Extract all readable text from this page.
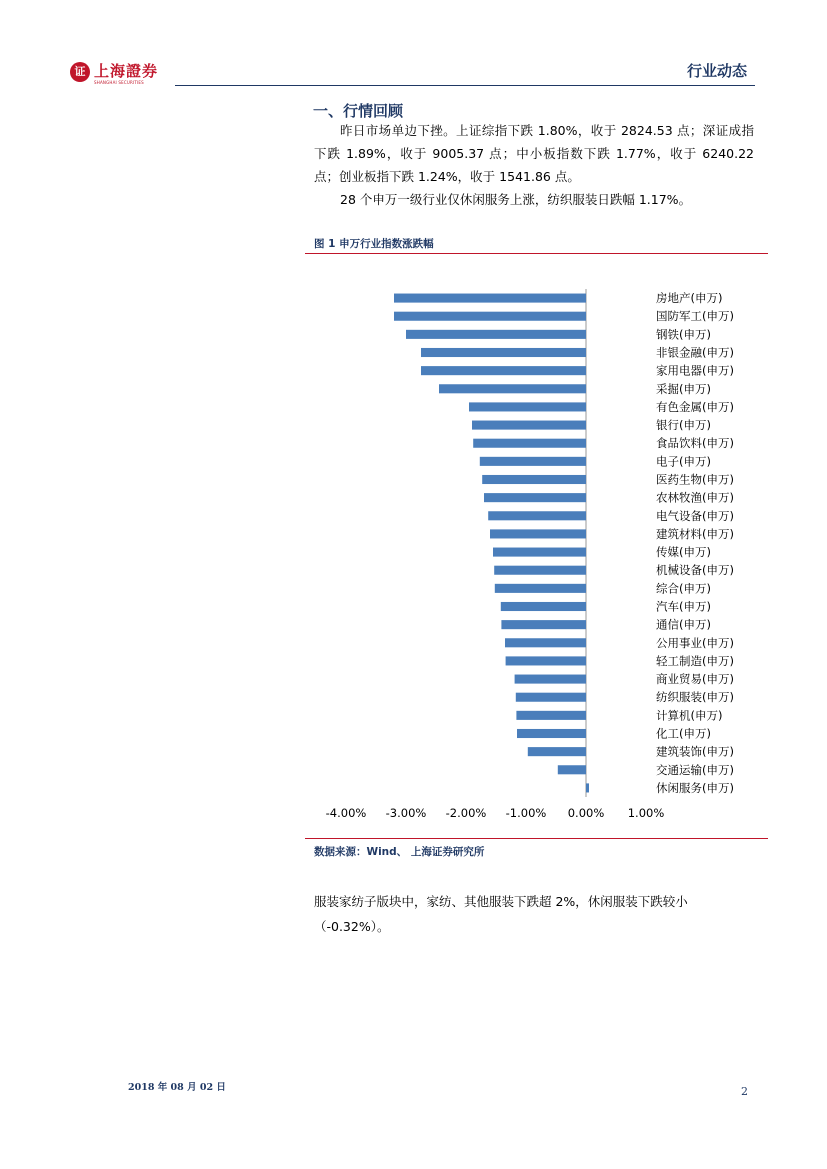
证 上海證券
SHANGHAI SECURITIES
行业动态
一、行情回顾
昨日市场单边下挫。上证综指下跌 1.80%，收于 2824.53 点；深证成指下跌 1.89%，收于 9005.37 点；中小板指数下跌 1.77%，收于 6240.22 点；创业板指下跌 1.24%，收于 1541.86 点。
28 个申万一级行业仅休闲服务上涨，纺织服装日跌幅 1.17%。
图 1 申万行业指数涨跌幅
房地产(申万)
国防军工(申万)
钢铁(申万)
非银金融(申万)
家用电器(申万)
采掘(申万)
有色金属(申万)
银行(申万)
食品饮料(申万)
电子(申万)
医药生物(申万)
农林牧渔(申万)
电气设备(申万)
建筑材料(申万)
传媒(申万)
机械设备(申万)
综合(申万)
汽车(申万)
通信(申万)
公用事业(申万)
轻工制造(申万)
商业贸易(申万)
纺织服装(申万)
计算机(申万)
化工(申万)
建筑装饰(申万)
交通运输(申万)
休闲服务(申万)
-4.00% -3.00% -2.00% -1.00% 0.00% 1.00%
数据来源：Wind、 上海证券研究所
服装家纺子版块中，家纺、其他服装下跌超 2%，休闲服装下跌较小（-0.32%）。
2018 年 08 月 02 日	2
